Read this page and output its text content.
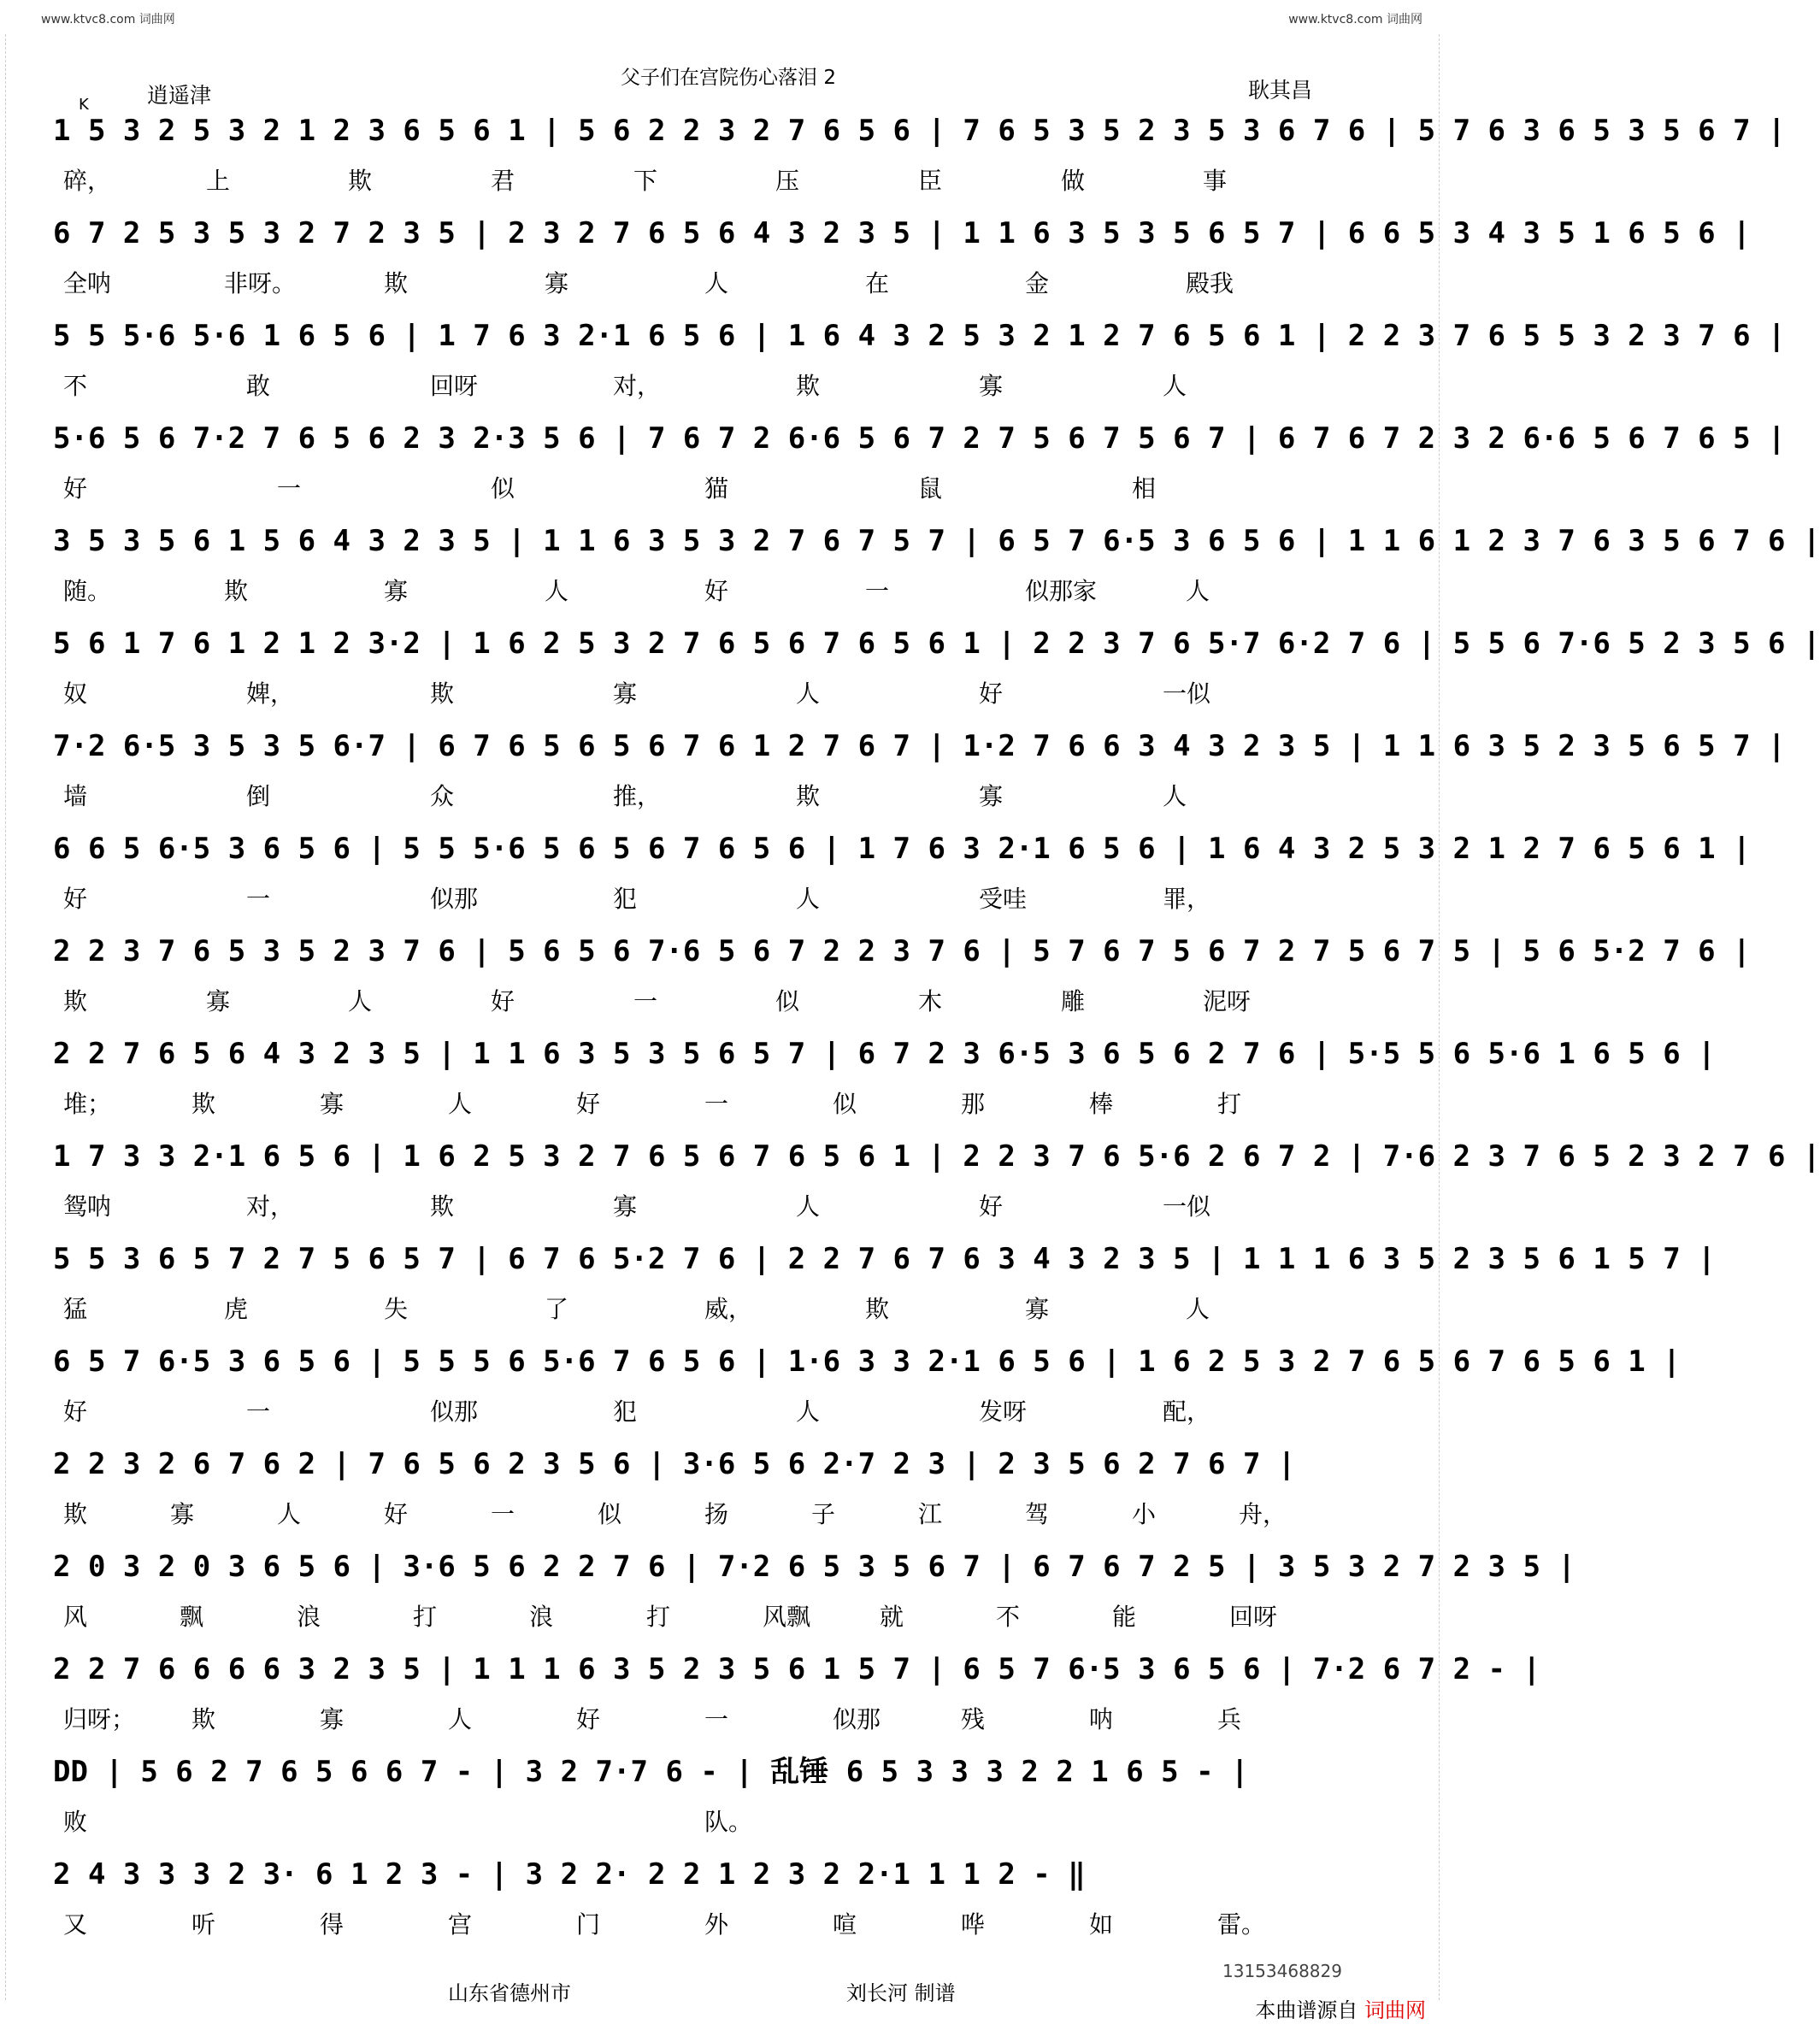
www.ktvc8.com 词曲网	www.ktvc8.com 词曲网
父子们在宫院伤心落泪 2
逍遥津	耿其昌
K
1 5 3 2 5 3 2 1 2 3 6 5 6 1 | 5 6 2 2 3 2 7 6 5 6 | 7 6 5 3 5 2 3 5 3 6 7 6 | 5 7 6 3 6 5 3 5 6 7 |
碎，	上	欺	君	下	压	臣	做	事
6 7 2 5 3 5 3 2 7 2 3 5 | 2 3 2 7 6 5 6 4 3 2 3 5 | 1 1 6 3 5 3 5 6 5 7 | 6 6 5 3 4 3 5 1 6 5 6 |
全呐	非呀。	欺	寡	人	在	金	殿我
5 5 5·6 5·6 1 6 5 6 | 1 7 6 3 2·1 6 5 6 | 1 6 4 3 2 5 3 2 1 2 7 6 5 6 1 | 2 2 3 7 6 5 5 3 2 3 7 6 |
不	敢	回呀	对，	欺	寡	人
5·6 5 6 7·2 7 6 5 6 2 3 2·3 5 6 | 7 6 7 2 6·6 5 6 7 2 7 5 6 7 5 6 7 | 6 7 6 7 2 3 2 6·6 5 6 7 6 5 |
好	一	似	猫	鼠	相
3 5 3 5 6 1 5 6 4 3 2 3 5 | 1 1 6 3 5 3 2 7 6 7 5 7 | 6 5 7 6·5 3 6 5 6 | 1 1 6 1 2 3 7 6 3 5 6 7 6 |
随。	欺	寡	人	好	一	似那家	人
5 6 1 7 6 1 2 1 2 3·2 | 1 6 2 5 3 2 7 6 5 6 7 6 5 6 1 | 2 2 3 7 6 5·7 6·2 7 6 | 5 5 6 7·6 5 2 3 5 6 |
奴	婢，	欺	寡	人	好	一似
7·2 6·5 3 5 3 5 6·7 | 6 7 6 5 6 5 6 7 6 1 2 7 6 7 | 1·2 7 6 6 3 4 3 2 3 5 | 1 1 6 3 5 2 3 5 6 5 7 |
墙	倒	众	推，	欺	寡	人
6 6 5 6·5 3 6 5 6 | 5 5 5·6 5 6 5 6 7 6 5 6 | 1 7 6 3 2·1 6 5 6 | 1 6 4 3 2 5 3 2 1 2 7 6 5 6 1 |
好	一	似那	犯	人	受哇	罪，
2 2 3 7 6 5 3 5 2 3 7 6 | 5 6 5 6 7·6 5 6 7 2 2 3 7 6 | 5 7 6 7 5 6 7 2 7 5 6 7 5 | 5 6 5·2 7 6 |
欺	寡	人	好	一	似	木	雕	泥呀
2 2 7 6 5 6 4 3 2 3 5 | 1 1 6 3 5 3 5 6 5 7 | 6 7 2 3 6·5 3 6 5 6 2 7 6 | 5·5 5 6 5·6 1 6 5 6 |
堆；	欺	寡	人	好	一	似	那	棒	打
1 7 3 3 2·1 6 5 6 | 1 6 2 5 3 2 7 6 5 6 7 6 5 6 1 | 2 2 3 7 6 5·6 2 6 7 2 | 7·6 2 3 7 6 5 2 3 2 7 6 |
鸳呐	对，	欺	寡	人	好	一似
5 5 3 6 5 7 2 7 5 6 5 7 | 6 7 6 5·2 7 6 | 2 2 7 6 7 6 3 4 3 2 3 5 | 1 1 1 6 3 5 2 3 5 6 1 5 7 |
猛	虎	失	了	威，	欺	寡	人
6 5 7 6·5 3 6 5 6 | 5 5 5 6 5·6 7 6 5 6 | 1·6 3 3 2·1 6 5 6 | 1 6 2 5 3 2 7 6 5 6 7 6 5 6 1 |
好	一	似那	犯	人	发呀	配，
2 2 3 2 6 7 6 2 | 7 6 5 6 2 3 5 6 | 3·6 5 6 2·7 2 3 | 2 3 5 6 2 7 6 7 |
欺	寡	人	好	一	似	扬	子	江	驾	小	舟，
2 0 3 2 0 3 6 5 6 | 3·6 5 6 2 2 7 6 | 7·2 6 5 3 5 6 7 | 6 7 6 7 2 5 | 3 5 3 2 7 2 3 5 |
风	飘	浪	打	浪	打	风飘	就	不	能	回呀
2 2 7 6 6 6 6 3 2 3 5 | 1 1 1 6 3 5 2 3 5 6 1 5 7 | 6 5 7 6·5 3 6 5 6 | 7·2 6 7 2 - |
归呀； 欺	寡	人	好	一	似那	残	呐	兵
DD | 5 6 2 7 6 5 6 6 7 - | 3 2 7·7 6 - | 乱锤 6 5 3 3 3 2 2 1 6 5 - |
败	队。
2 4 3 3 3 2 3· 6 1 2 3 - | 3 2 2· 2 2 1 2 3 2 2·1 1 1 2 - ‖
又	听	得	宫	门	外	喧	哗	如	雷。
山东省德州市	刘长河 制谱
13153468829
本曲谱源自 词曲网
